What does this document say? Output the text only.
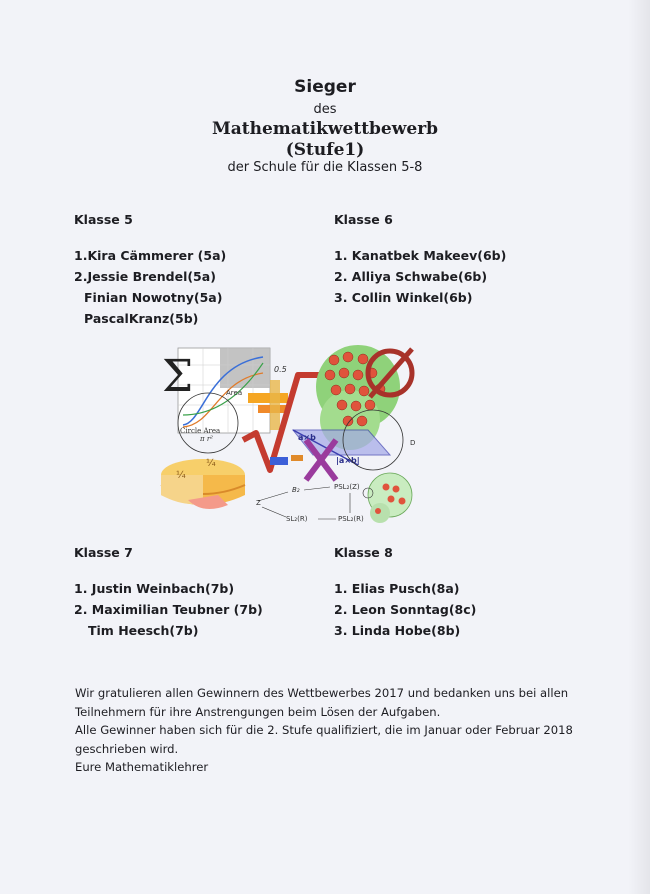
Sieger
des
Mathematikwettbewerb
(Stufe1)
der Schule für die Klassen 5-8
Klasse 5
1.Kira Cämmerer (5a)
2.Jessie Brendel(5a)
Finian Nowotny(5a)
PascalKranz(5b)
Klasse 6
1. Kanatbek Makeev(6b)
2. Alliya Schwabe(6b)
3. Collin Winkel(6b)
Σ	0.5
Area
Circle Area
π r²	a×b
|a×b|
D
¼
¼
B₂	PSL₂(Z)
Z
SL₂(R)	PSL₂(R)
Klasse 7
1. Justin Weinbach(7b)
2. Maximilian Teubner (7b)
Tim Heesch(7b)
Klasse 8
1. Elias Pusch(8a)
2. Leon Sonntag(8c)
3. Linda Hobe(8b)
Wir gratulieren allen Gewinnern des Wettbewerbes 2017 und bedanken uns bei allen
Teilnehmern für ihre Anstrengungen beim Lösen der Aufgaben.
Alle Gewinner haben sich für die 2. Stufe qualifiziert, die im Januar oder Februar 2018
geschrieben wird.
Eure Mathematiklehrer
